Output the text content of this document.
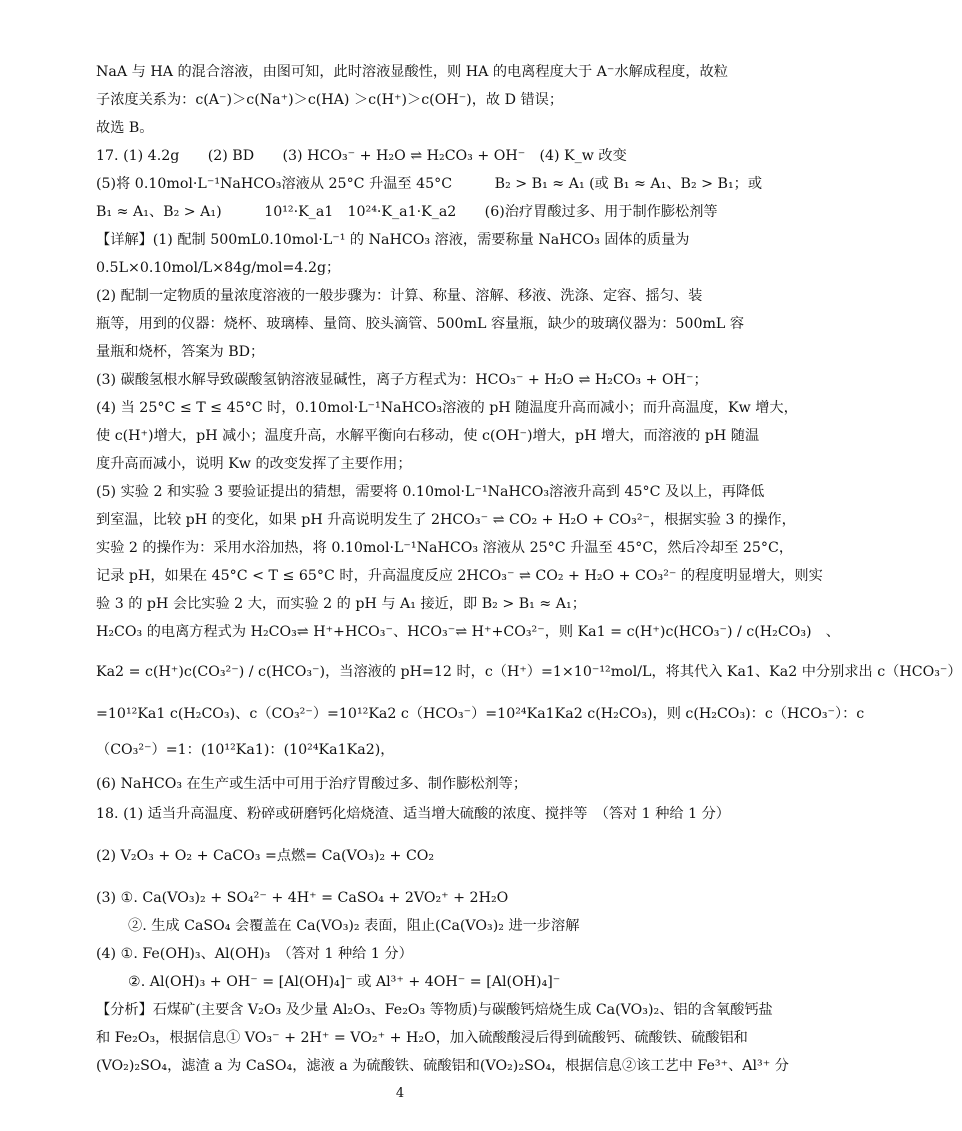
NaA 与 HA 的混合溶液，由图可知，此时溶液显酸性，则 HA 的电离程度大于 A⁻水解成程度，故粒
子浓度关系为：c(A⁻)＞c(Na⁺)＞c(HA) ＞c(H⁺)＞c(OH⁻)，故 D 错误；
故选 B。
17. (1) 4.2g　　(2) BD　　(3) HCO₃⁻ + H₂O ⇌ H₂CO₃ + OH⁻　(4) K_w 改变
(5)将 0.10mol·L⁻¹NaHCO₃溶液从 25°C 升温至 45°C　　　B₂ > B₁ ≈ A₁ (或 B₁ ≈ A₁、B₂ > B₁；或
B₁ ≈ A₁、B₂ > A₁)　　　10¹²·K_a1　10²⁴·K_a1·K_a2　　(6)治疗胃酸过多、用于制作膨松剂等
【详解】(1) 配制 500mL0.10mol·L⁻¹ 的 NaHCO₃ 溶液，需要称量 NaHCO₃ 固体的质量为
0.5L×0.10mol/L×84g/mol=4.2g；
(2) 配制一定物质的量浓度溶液的一般步骤为：计算、称量、溶解、移液、洗涤、定容、摇匀、装
瓶等，用到的仪器：烧杯、玻璃棒、量筒、胶头滴管、500mL 容量瓶，缺少的玻璃仪器为：500mL 容
量瓶和烧杯，答案为 BD；
(3) 碳酸氢根水解导致碳酸氢钠溶液显碱性，离子方程式为：HCO₃⁻ + H₂O ⇌ H₂CO₃ + OH⁻；
(4) 当 25°C ≤ T ≤ 45°C 时，0.10mol·L⁻¹NaHCO₃溶液的 pH 随温度升高而减小；而升高温度，Kw 增大，
使 c(H⁺)增大，pH 减小；温度升高，水解平衡向右移动，使 c(OH⁻)增大，pH 增大，而溶液的 pH 随温
度升高而减小，说明 Kw 的改变发挥了主要作用；
(5) 实验 2 和实验 3 要验证提出的猜想，需要将 0.10mol·L⁻¹NaHCO₃溶液升高到 45°C 及以上，再降低
到室温，比较 pH 的变化，如果 pH 升高说明发生了 2HCO₃⁻ ⇌ CO₂ + H₂O + CO₃²⁻，根据实验 3 的操作，
实验 2 的操作为：采用水浴加热，将 0.10mol·L⁻¹NaHCO₃ 溶液从 25°C 升温至 45°C，然后冷却至 25°C，
记录 pH，如果在 45°C < T ≤ 65°C 时，升高温度反应 2HCO₃⁻ ⇌ CO₂ + H₂O + CO₃²⁻ 的程度明显增大，则实
验 3 的 pH 会比实验 2 大，而实验 2 的 pH 与 A₁ 接近，即 B₂ > B₁ ≈ A₁；
H₂CO₃ 的电离方程式为 H₂CO₃⇌ H⁺+HCO₃⁻、HCO₃⁻⇌ H⁺+CO₃²⁻，则 Ka1 = c(H⁺)c(HCO₃⁻) / c(H₂CO₃)　、
Ka2 = c(H⁺)c(CO₃²⁻) / c(HCO₃⁻)，当溶液的 pH=12 时，c（H⁺）=1×10⁻¹²mol/L，将其代入 Ka1、Ka2 中分别求出 c（HCO₃⁻）
=10¹²Ka1 c(H₂CO₃)、c（CO₃²⁻）=10¹²Ka2 c（HCO₃⁻）=10²⁴Ka1Ka2 c(H₂CO₃)，则 c(H₂CO₃)：c（HCO₃⁻）：c
（CO₃²⁻）=1：(10¹²Ka1)：(10²⁴Ka1Ka2)，
(6) NaHCO₃ 在生产或生活中可用于治疗胃酸过多、制作膨松剂等；
18. (1) 适当升高温度、粉碎或研磨钙化焙烧渣、适当增大硫酸的浓度、搅拌等　（答对 1 种给 1 分）
(2) V₂O₃ + O₂ + CaCO₃ =点燃= Ca(VO₃)₂ + CO₂
(3) ①. Ca(VO₃)₂ + SO₄²⁻ + 4H⁺ = CaSO₄ + 2VO₂⁺ + 2H₂O
②. 生成 CaSO₄ 会覆盖在 Ca(VO₃)₂ 表面，阻止(Ca(VO₃)₂ 进一步溶解
(4) ①. Fe(OH)₃、Al(OH)₃　（答对 1 种给 1 分）
②. Al(OH)₃ + OH⁻ = [Al(OH)₄]⁻ 或 Al³⁺ + 4OH⁻ = [Al(OH)₄]⁻
【分析】石煤矿(主要含 V₂O₃ 及少量 Al₂O₃、Fe₂O₃ 等物质)与碳酸钙焙烧生成 Ca(VO₃)₂、铝的含氧酸钙盐
和 Fe₂O₃，根据信息① VO₃⁻ + 2H⁺ = VO₂⁺ + H₂O，加入硫酸酸浸后得到硫酸钙、硫酸铁、硫酸铝和
(VO₂)₂SO₄，滤渣 a 为 CaSO₄，滤液 a 为硫酸铁、硫酸铝和(VO₂)₂SO₄，根据信息②该工艺中 Fe³⁺、Al³⁺ 分
4
